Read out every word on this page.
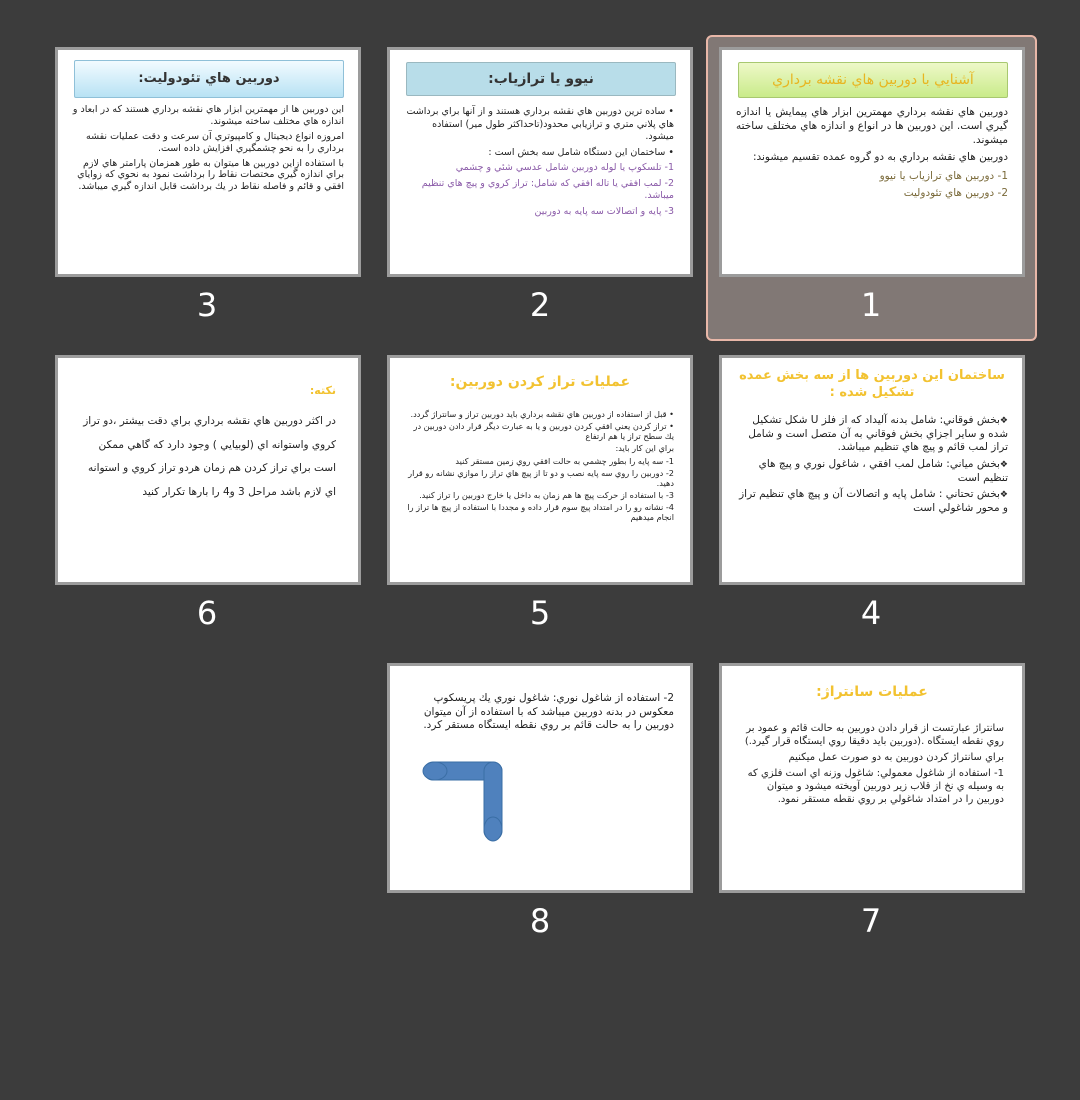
آشنايي با دوربين هاي نقشه برداري

دوربين هاي نقشه برداري مهمترين ابزار هاي پيمايش يا اندازه گيري است. اين دوربين ها در انواع و اندازه هاي مختلف ساخته ميشوند.

دوربين هاي نقشه برداري به دو گروه عمده تقسيم ميشوند:

1- دوربين هاي ترازياب يا نيوو

2- دوربين هاي تئودوليت

1
نيوو يا ترازياب:

• ساده ترين دوربين هاي نقشه برداري هستند و از آنها براي برداشت هاي پلاني متري و ترازيابي محدود(تاحداكثر طول مير) استفاده ميشود.

• ساختمان اين دستگاه شامل سه بخش است :

1- تلسكوپ يا لوله دوربين شامل عدسي شئي و چشمي

2- لمب افقي يا تاله افقي كه شامل: تراز كروي و پيچ هاي تنظيم ميباشد.

3- پايه و اتصالات سه پايه به دوربين

2
دوربين هاي تئودوليت:

اين دوربين ها از مهمترين ابزار هاي نقشه برداري هستند كه در ابعاد و اندازه هاي مختلف ساخته ميشوند.

امروزه انواع ديجيتال و كامپيوتري آن سرعت و دقت عمليات نقشه برداري را به نحو چشمگيري افزايش داده است.

با استفاده ازاين دوربين ها ميتوان به طور همزمان پارامتر هاي لازم براي اندازه گيري مختصات نقاط را برداشت نمود به نحوي كه زواياي افقي و قائم و فاصله نقاط در يك برداشت قابل اندازه گيري ميباشد.

3
ساختمان اين دوربين ها از سه بخش عمده تشكيل شده :

❖ بخش فوقاني: شامل بدنه آليداد كه از فلز U شكل تشكيل شده و ساير اجزاي بخش فوقاني به آن متصل است و شامل تراز لمب قائم و پيچ هاي تنظيم ميباشد.

❖ بخش مياني: شامل لمب افقي ، شاغول نوري و پيچ هاي تنظيم است

❖ بخش تحتاني : شامل پايه و اتصالات آن و پيچ هاي تنظيم تراز و محور شاغولي است

4
عمليات تراز كردن دوربين:

• قبل از استفاده از دوربين هاي نقشه برداري بايد دوربين تراز و سانتراژ گردد.

• تراز كردن يعني افقي كردن دوربين و يا به عبارت ديگر قرار دادن دوربين در يك سطح تراز يا هم ارتفاع

براي اين كار بايد:

1- سه پايه را بطور چشمي به حالت افقي روي زمين مستقر كنيد

2- دوربين را روي سه پايه نصب و دو تا از پيچ هاي تراز را موازي نشانه رو قرار دهيد.

3- با استفاده از حركت پيچ ها هم زمان به داخل يا خارج دوربين را تراز كنيد.

4- نشانه رو را در امتداد پيچ سوم قرار داده و مجددا با استفاده از پيچ ها تراز را انجام ميدهيم

5
نكته:

در اكثر دوربين هاي نقشه برداري براي دقت بيشتر ،دو تراز كروي واستوانه اي (لوبيايي ) وجود دارد كه گاهي ممكن است براي تراز كردن هم زمان هردو تراز كروي و استوانه اي لازم باشد مراحل 3 و4 را بارها تكرار كنيد

6
عمليات سانتراژ:

سانتراژ عبارتست از قرار دادن دوربين به حالت قائم و عمود بر روي نقطه ايستگاه .(دوربين بايد دقيقا روي ايستگاه قرار گيرد.)

براي سانتراژ كردن دوربين به دو صورت عمل ميكنيم

1- استفاده از شاغول معمولي: شاغول وزنه اي است فلزي كه به وسيله ي نخ از قلاب زير دوربين آويخته ميشود و ميتوان دوربين را در امتداد شاغولي بر روي نقطه مستقر نمود.

7

2- استفاده از شاغول نوري: شاغول نوري يك پريسكوپ معكوس در بدنه دوربين ميباشد كه با استفاده از آن ميتوان دوربين را به حالت قائم بر روي نقطه ايستگاه مستقر كرد.

8
